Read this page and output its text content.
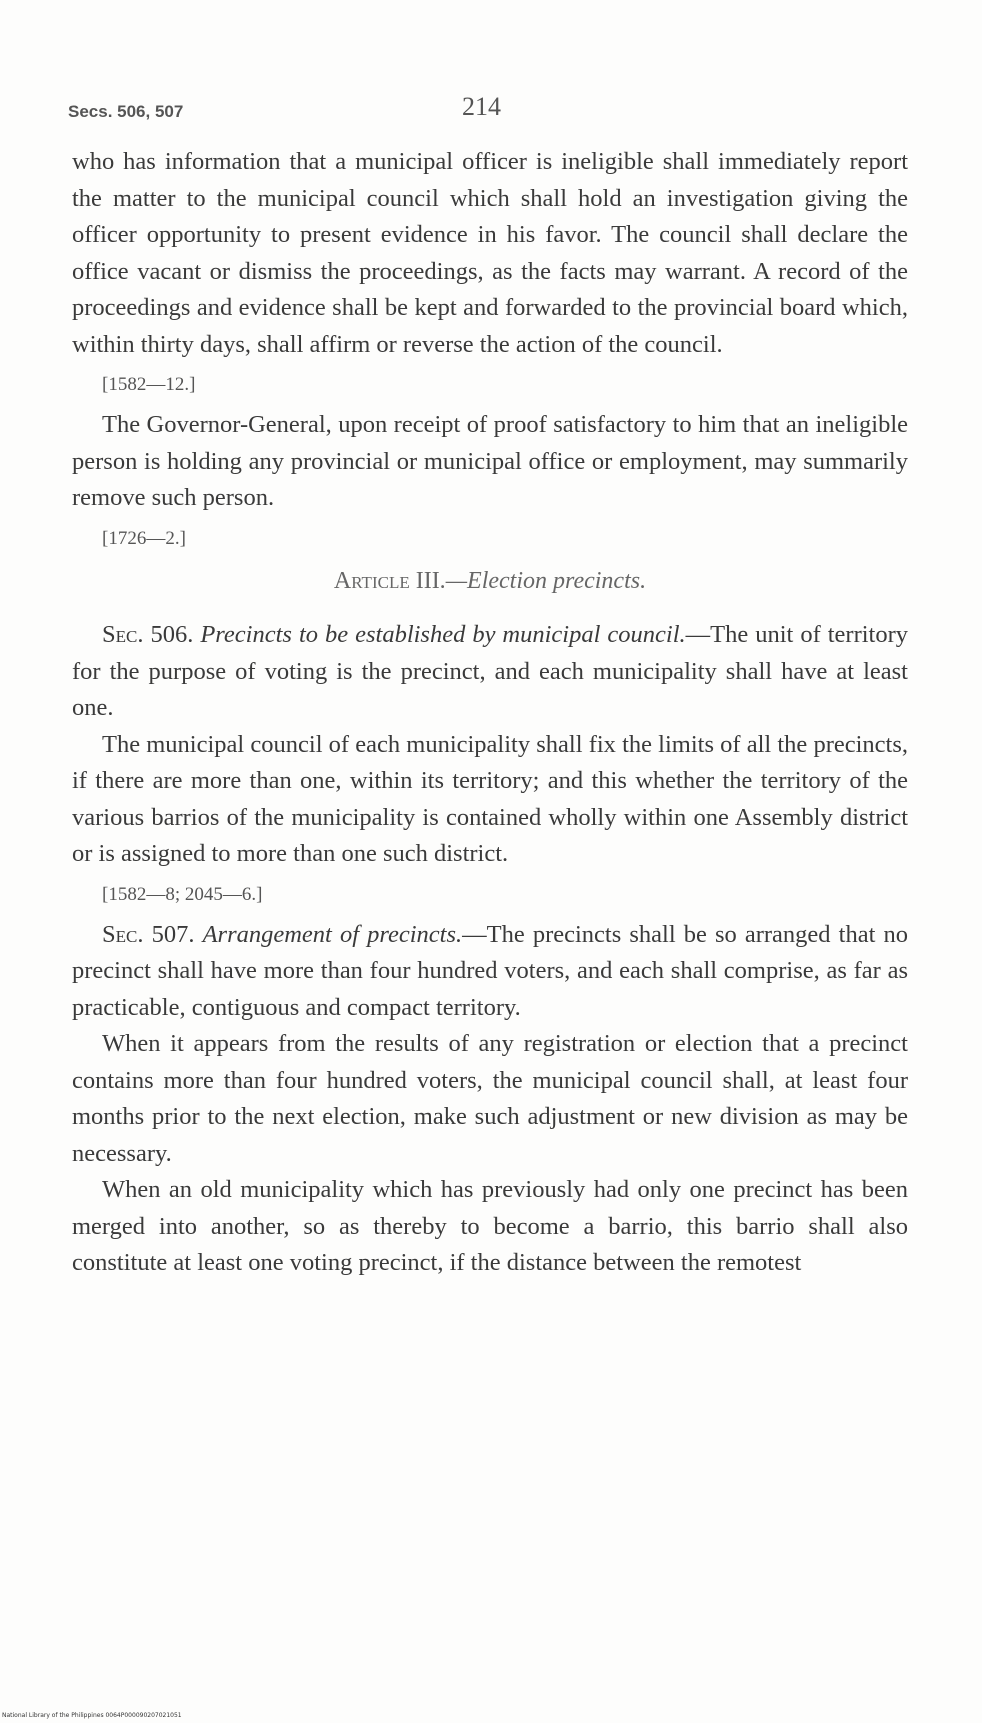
Secs. 506, 507	214

who has information that a municipal officer is ineligible shall immediately report the matter to the municipal council which shall hold an investigation giving the officer opportunity to present evidence in his favor. The council shall declare the office vacant or dismiss the proceedings, as the facts may warrant. A record of the proceedings and evidence shall be kept and forwarded to the provincial board which, within thirty days, shall affirm or reverse the action of the council.

[1582—12.]

The Governor-General, upon receipt of proof satisfactory to him that an ineligible person is holding any provincial or municipal office or employment, may summarily remove such person.

[1726—2.]

Article III.—Election precincts.

Sec. 506. Precincts to be established by municipal council.—The unit of territory for the purpose of voting is the precinct, and each municipality shall have at least one.

The municipal council of each municipality shall fix the limits of all the precincts, if there are more than one, within its territory; and this whether the territory of the various barrios of the municipality is contained wholly within one Assembly district or is assigned to more than one such district.

[1582—8; 2045—6.]

Sec. 507. Arrangement of precincts.—The precincts shall be so arranged that no precinct shall have more than four hundred voters, and each shall comprise, as far as practicable, contiguous and compact territory.

When it appears from the results of any registration or election that a precinct contains more than four hundred voters, the municipal council shall, at least four months prior to the next election, make such adjustment or new division as may be necessary.

When an old municipality which has previously had only one precinct has been merged into another, so as thereby to become a barrio, this barrio shall also constitute at least one voting precinct, if the distance between the remotest

National Library of the Philippines 0064P000090207021051
